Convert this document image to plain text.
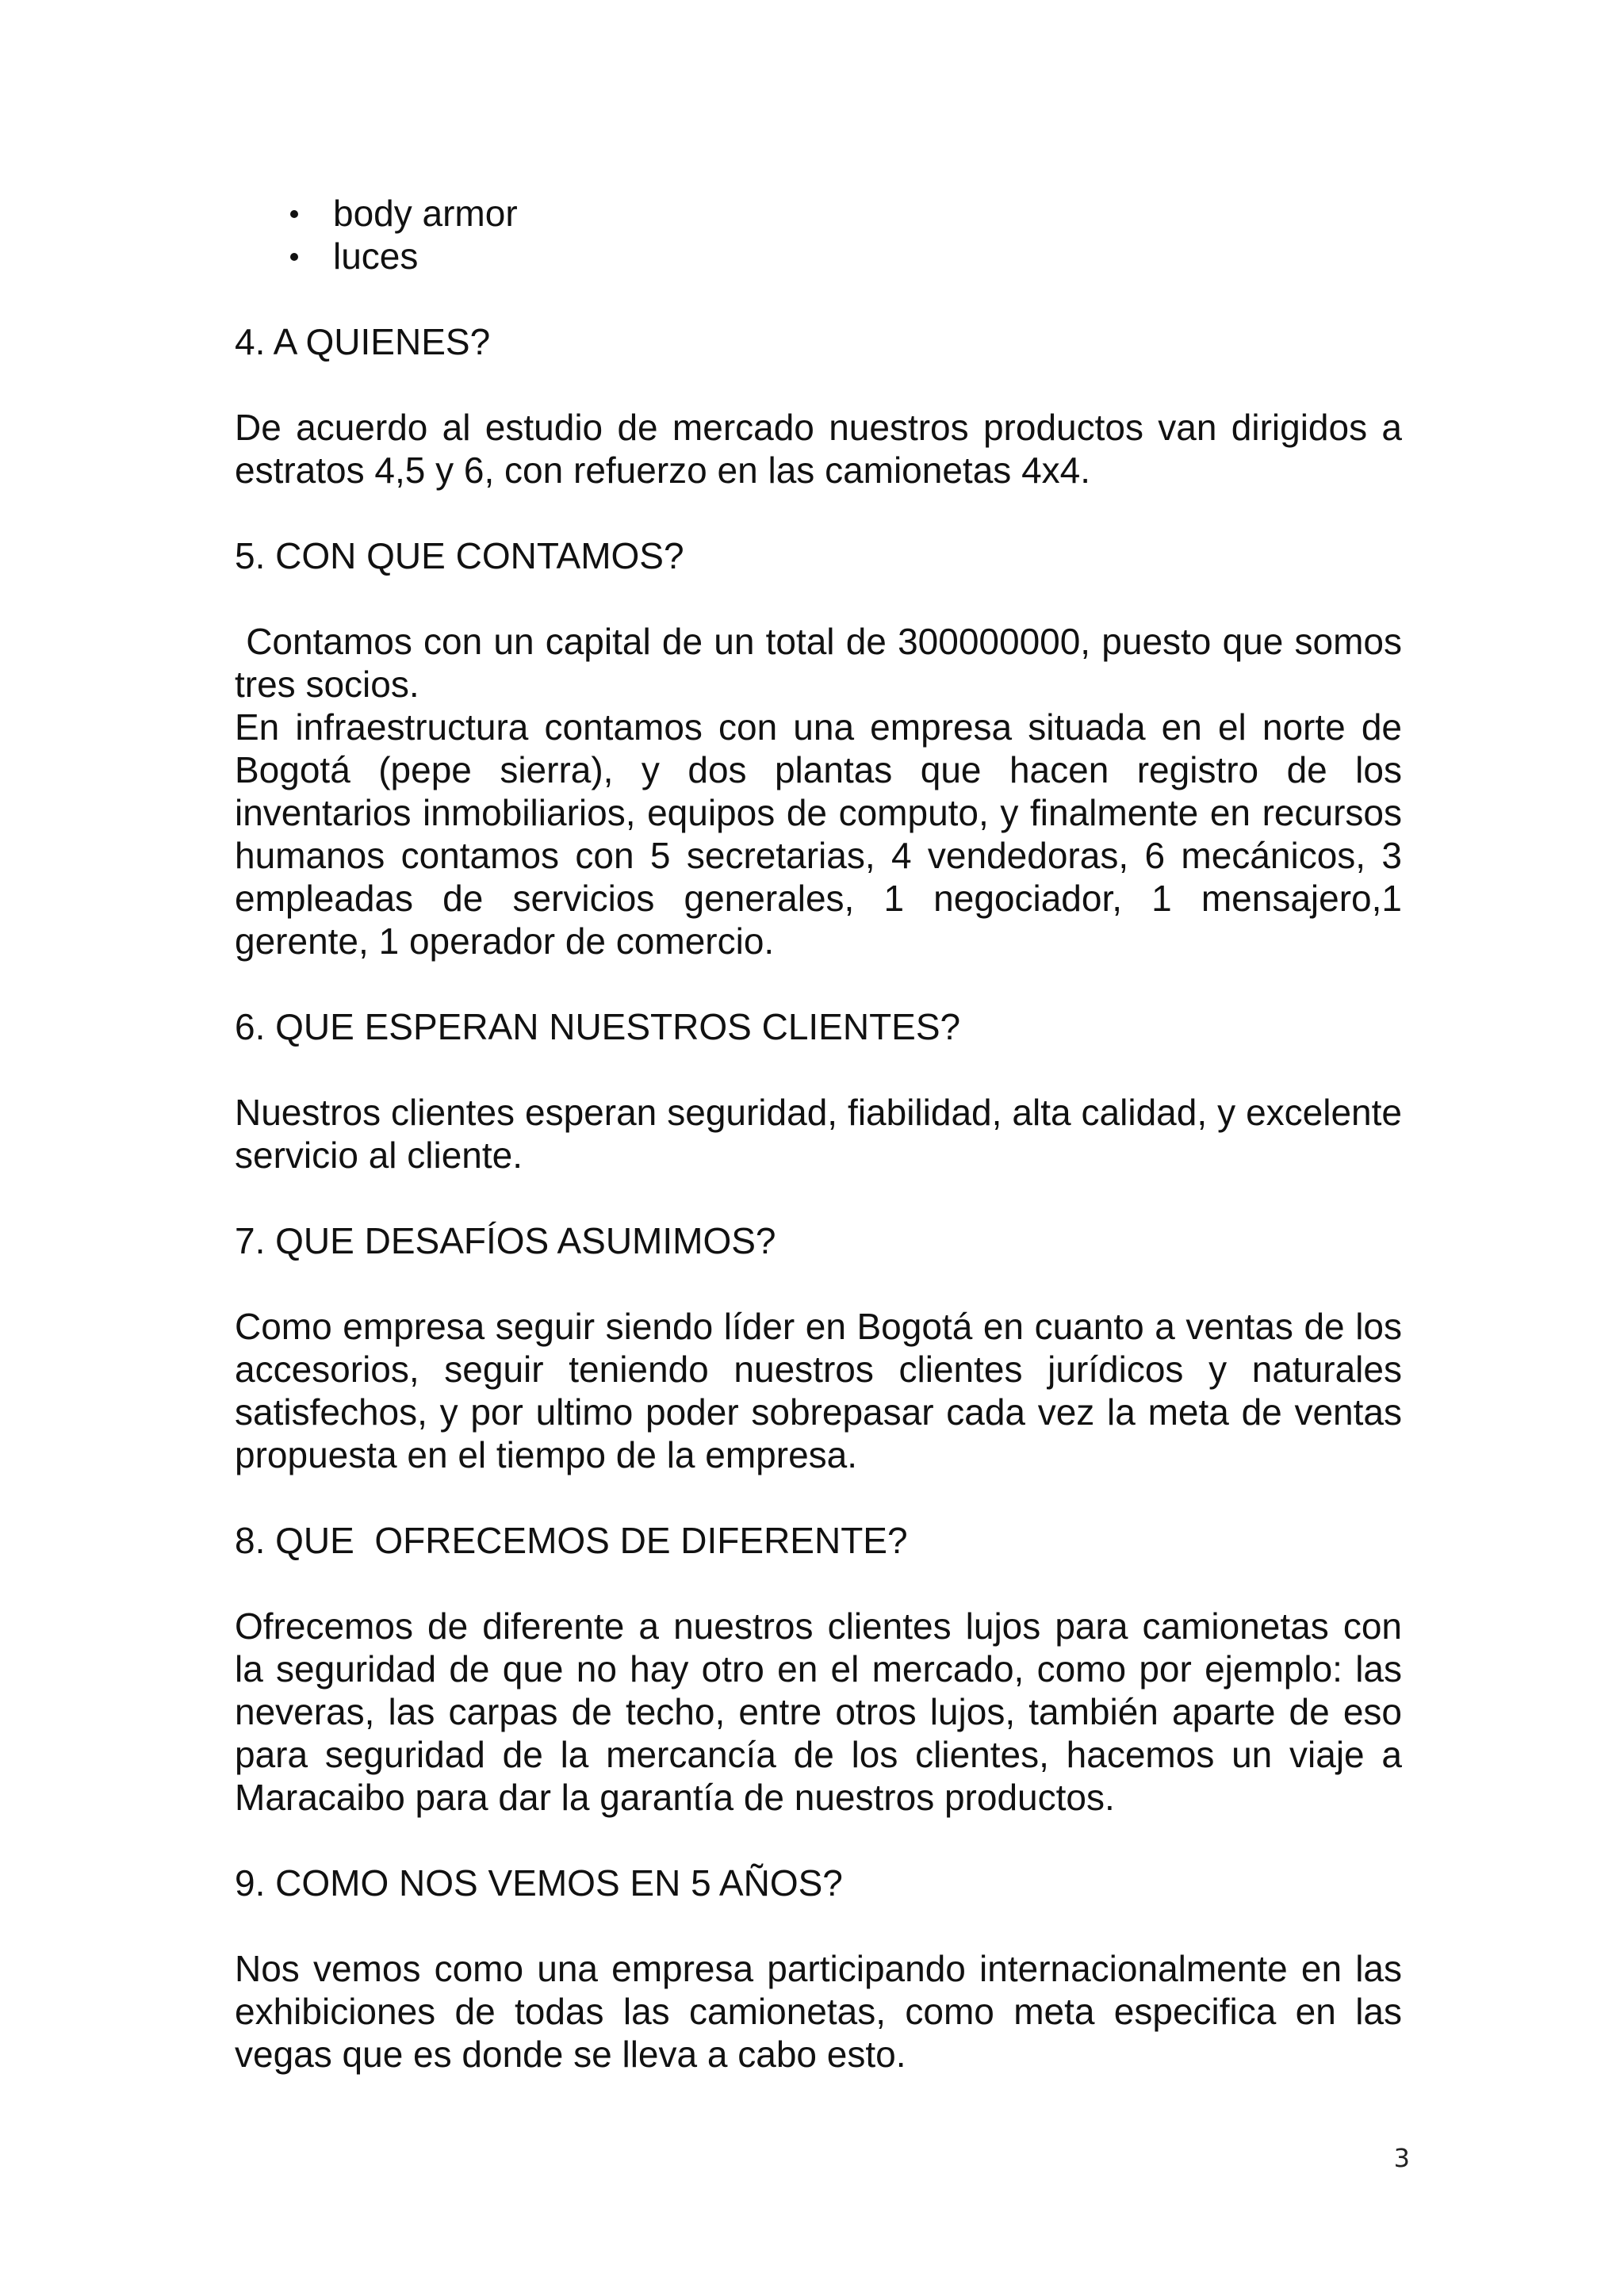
body armor
luces

4. A QUIENES?

De acuerdo al estudio de mercado nuestros productos van dirigidos a estratos 4,5 y 6, con refuerzo en las camionetas 4x4.

5. CON QUE CONTAMOS?

Contamos con un capital de un total de 300000000, puesto que somos tres socios.

En infraestructura contamos con una empresa situada en el norte de Bogotá (pepe sierra), y dos plantas que hacen registro de los inventarios inmobiliarios, equipos de computo, y finalmente en recursos humanos contamos con 5 secretarias, 4 vendedoras, 6 mecánicos, 3 empleadas de servicios generales, 1 negociador, 1 mensajero,1 gerente, 1 operador de comercio.

6. QUE ESPERAN NUESTROS CLIENTES?

Nuestros clientes esperan seguridad, fiabilidad, alta calidad, y excelente servicio al cliente.

7. QUE DESAFÍOS ASUMIMOS?

Como empresa seguir siendo líder en Bogotá en cuanto a ventas de los accesorios, seguir teniendo nuestros clientes jurídicos y naturales satisfechos, y por ultimo poder sobrepasar cada vez la meta de ventas propuesta en el tiempo de la empresa.

8. QUE  OFRECEMOS DE DIFERENTE?

Ofrecemos de diferente a nuestros clientes lujos para camionetas con la seguridad de que no hay otro en el mercado, como por ejemplo: las neveras, las carpas de techo, entre otros lujos, también aparte de eso para seguridad de la mercancía de los clientes, hacemos un viaje a Maracaibo para dar la garantía de nuestros productos.

9. COMO NOS VEMOS EN 5 AÑOS?

Nos vemos como una empresa participando internacionalmente en las exhibiciones de todas las camionetas, como meta especifica en las vegas que es donde se lleva a cabo esto.

3
